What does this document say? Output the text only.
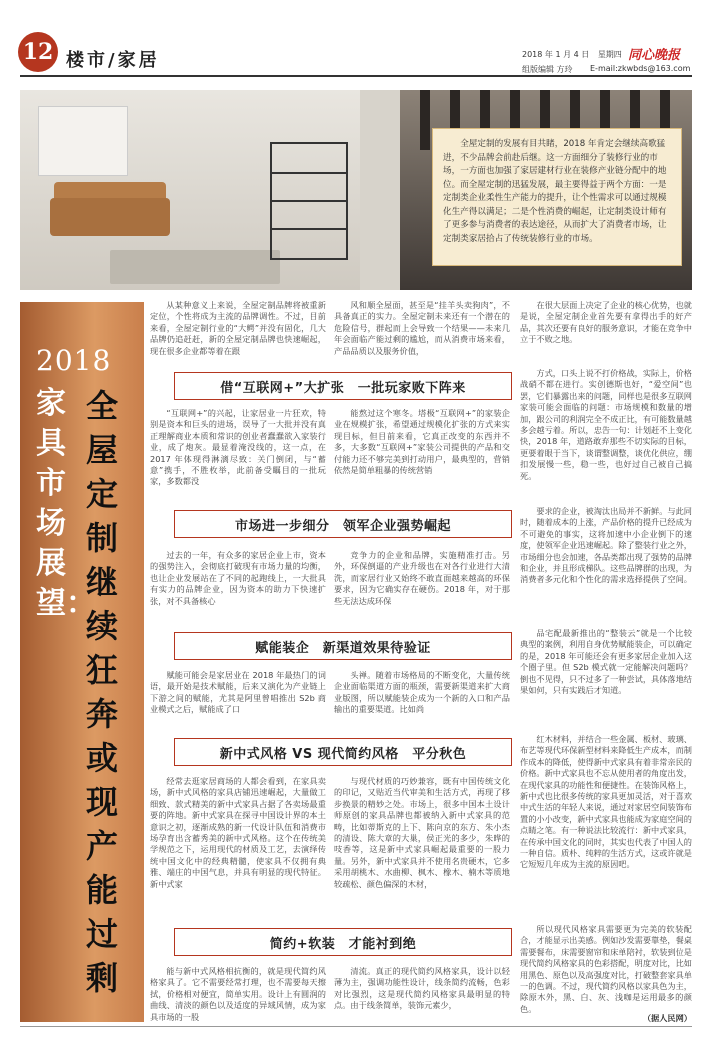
12 楼市/家居	2018 年 1 月 4 日 星期四 同心晚报
组版编辑 方玲 E-mail:zkwbds@163.com

全屋定制的发展有目共睹，2018 年肯定会继续高歌猛进，不少品牌会前赴后继。这一方面细分了装修行业的市场，一方面也加强了家居建材行业在装修产业链分配中的地位。而全屋定制的迅猛发展，最主要得益于两个方面：一是定制类企业柔性生产能力的提升，让个性需求可以通过规模化生产得以满足；二是个性消费的崛起，让定制类设计师有了更多参与消费者的表达途径，从而扩大了消费者市场，让定制类家居拾占了传统装修行业的市场。

2018
家具市场展望：
全屋定制继续狂奔 或现产能过剩

从某种意义上来说，全屋定制品牌将被重新定位，个性将成为主流的品牌调性。不过，目前来看，全屋定制行业的“大鳄”并没有固化，几大品牌仍追赶赶，新的全屋定制品牌也快速崛起，现在很多企业都等着在跟

风和顺全屋面，甚至是“挂羊头卖狗肉”，不具备真正的实力。全屋定制未来还有一个潜在的危险信号，群起而上会导致一个结果——未来几年会面临产能过剩的尴尬，而从消费市场来看，产品品质以及服务价值，

在很大层面上决定了企业的核心优势，也就是说，全屋定制企业首先要有拿得出手的好产品，其次还要有良好的服务意识，才能在竞争中立于不败之地。

借“互联网+”大扩张　一批玩家败下阵来

“互联网+”的兴起，让家居业一片狂欢，特别是资本和巨头的进场，误导了一大批并没有真正理解商业本质和常识的创业者蠢蠢欲入家装行业，成了炮灰。最显着淹没线的，这一点，在 2017 年体现得淋漓尽致：关门倒闭，与“蓄意”携手，不胜枚举，此前备受瞩目的一批玩家，多数都没

能熬过这个寒冬。塔极“互联网+”的家装企业在规模扩张，希望通过规模化扩张的方式来实现目标，但目前来看，它真正改变的东西并不多，大多数“互联网+”家装公司提供的产品和交付能力还不够完美到打动用户，最典型的，营销依然是简单粗暴的传统营销

方式，口头上说不打价格战，实际上，价格战硝不都在进行。实创德斯也好，“爱空间”也罢，它们暴露出来的问题，同样也是很多互联网家装可能会面临的问题：市场规模和数量的增加，跟公司的利润完全不成正比，有可能数量越多会越亏着。所以，忠告一句：计划赶不上变化快，2018 年，道路敢弃那些不切实际的目标，更要着眼于当下，谈谓整调整，谈优化供应，绷扣发展慢一些，稳一些，也好过自己被自己搞死。

市场进一步细分　领军企业强势崛起

过去的一年，有众多的家居企业上市，资本的强势注入，会彻底打破现有市场力量的均衡，也让企业发展站在了不同的起跑线上，一大批具有实力的品牌企业，因为资本的助力下快速扩张，对不具备核心

竞争力的企业和品牌，实施精准打击。另外，环保倒逼的产业升级也在对各行业进行大清洗，而家居行业又始终不敢直面越来越高的环保要求，因为它确实存在硬伤。2018 年，对于那些无法达成环保

要求的企业，被淘汰出局并不新鲜。与此同时，随着成本的上涨，产品价格的提升已经成为不可避免的事实，这将加速中小企业倒下的速度，使领军企业迅速崛起。除了整装行业之外，市场细分也会加速，各品类都出现了强势的品牌和企业，并且形成梯队。这些品牌群的出现，为消费者多元化和个性化的需求选择提供了空间。

赋能装企　新渠道效果待验证

赋能可能会是家居业在 2018 年最热门的词语，最开始是技术赋能，后来又演化为产业链上下游之间的赋能，尤其是阿里曾唱推出 S2b 商业模式之后，赋能成了口

头禅。随着市场格局的不断变化，大量传统企业面临渠道方面的瓶颈，需要新渠道来扩大商业版图，所以赋能装企成为一个新的入口和产品输出的重要渠道。比如尚

品宅配最新推出的“整装云”就是一个比较典型的案例，利用自身优势赋能装企，可以确定的是，2018 年可能还会有更多家居企业加入这个圈子里。但 S2b 模式就一定能解决问题吗？倒也不见得，只不过多了一种尝试，具体落地结果如何，只有实践后才知道。

新中式风格 VS 现代简约风格　平分秋色

经常去逛家居商场的人都会看到，在家具卖场，新中式风格的家具店铺迅速崛起，大量做工细致、款式精美的新中式家具占据了各卖场最重要的阵地。新中式家具在探寻中国设计界的本土意识之初，逐渐成熟的新一代设计队伍和消费市场孕育出含蓄秀美的新中式风格。这个在传统美学规范之下，运用现代的材质及工艺，去演绎传统中国文化中的经典精髓，使家具不仅拥有典雅、端庄的中国气息，并具有明显的现代特征。新中式家

与现代材质的巧妙兼容，既有中国传统文化的印记，又贴近当代审美和生活方式，再现了移步换景的精妙之处。市场上，很多中国本土设计师原创的家具品牌也都被纳入新中式家具的范畴，比如蒂斯克的上下、陈向京的东方、朱小杰的清设、陈大章的大巢，侯正光的多少，朱晔的吱香等，这是新中式家具崛起最重要的一股力量。另外，新中式家具并不使用名贵硬木，它多采用胡桃木、水曲柳、枫木、橡木、楠木等质地较疏松、颜色偏深的木材，

红木材料，并结合一些金属、板材、玻璃、布艺等现代环保新型材料来降低生产成本，而制作成本的降低，使得新中式家具有着非常亲民的价格。新中式家具也不忘从使用者的角度出发，在现代家具的功能性和便捷性。在装饰风格上，新中式也比很多传统的家具更加灵活，对于喜欢中式生活的年轻人来说，通过对家居空间装饰布置的小小改变，新中式家具也能成为家庭空间的点睛之笔。有一种说法比较流行：新中式家具，在传承中国文化的同时，其实也代表了中国人的一种自信。质朴、纯粹的生活方式，这或许就是它短短几年成为主流的原因吧。

简约+软装　才能衬到绝

能与新中式风格相抗衡的，就是现代简约风格家具了。它不需要经常打理，也不需要每天擦拭，价格相对便宜，简单实用。设计上有圆润的曲线、清淡的颜色以及适度的异域风情，成为家具市场的一股

清流。真正的现代简约风格家具，设计以轻薄为主，强调功能性设计，线条简约流畅，色彩对比强烈，这是现代简约风格家具最明显的特点。由于线条简单，装饰元素少，

所以现代风格家具需要更为完美的软装配合，才能显示出美感。例如沙发需要靠垫，餐桌需要餐布，床需要窗帘和床单陪衬，软装到位是现代简约风格家具的色彩搭配，明度对比，比如用黑色、原色以及高强度对比，打破整套家具单一的色调。不过，现代简约风格以家具色为主，除原木外，黑、白、灰、浅咖是运用最多的颜色。

（据人民网）
